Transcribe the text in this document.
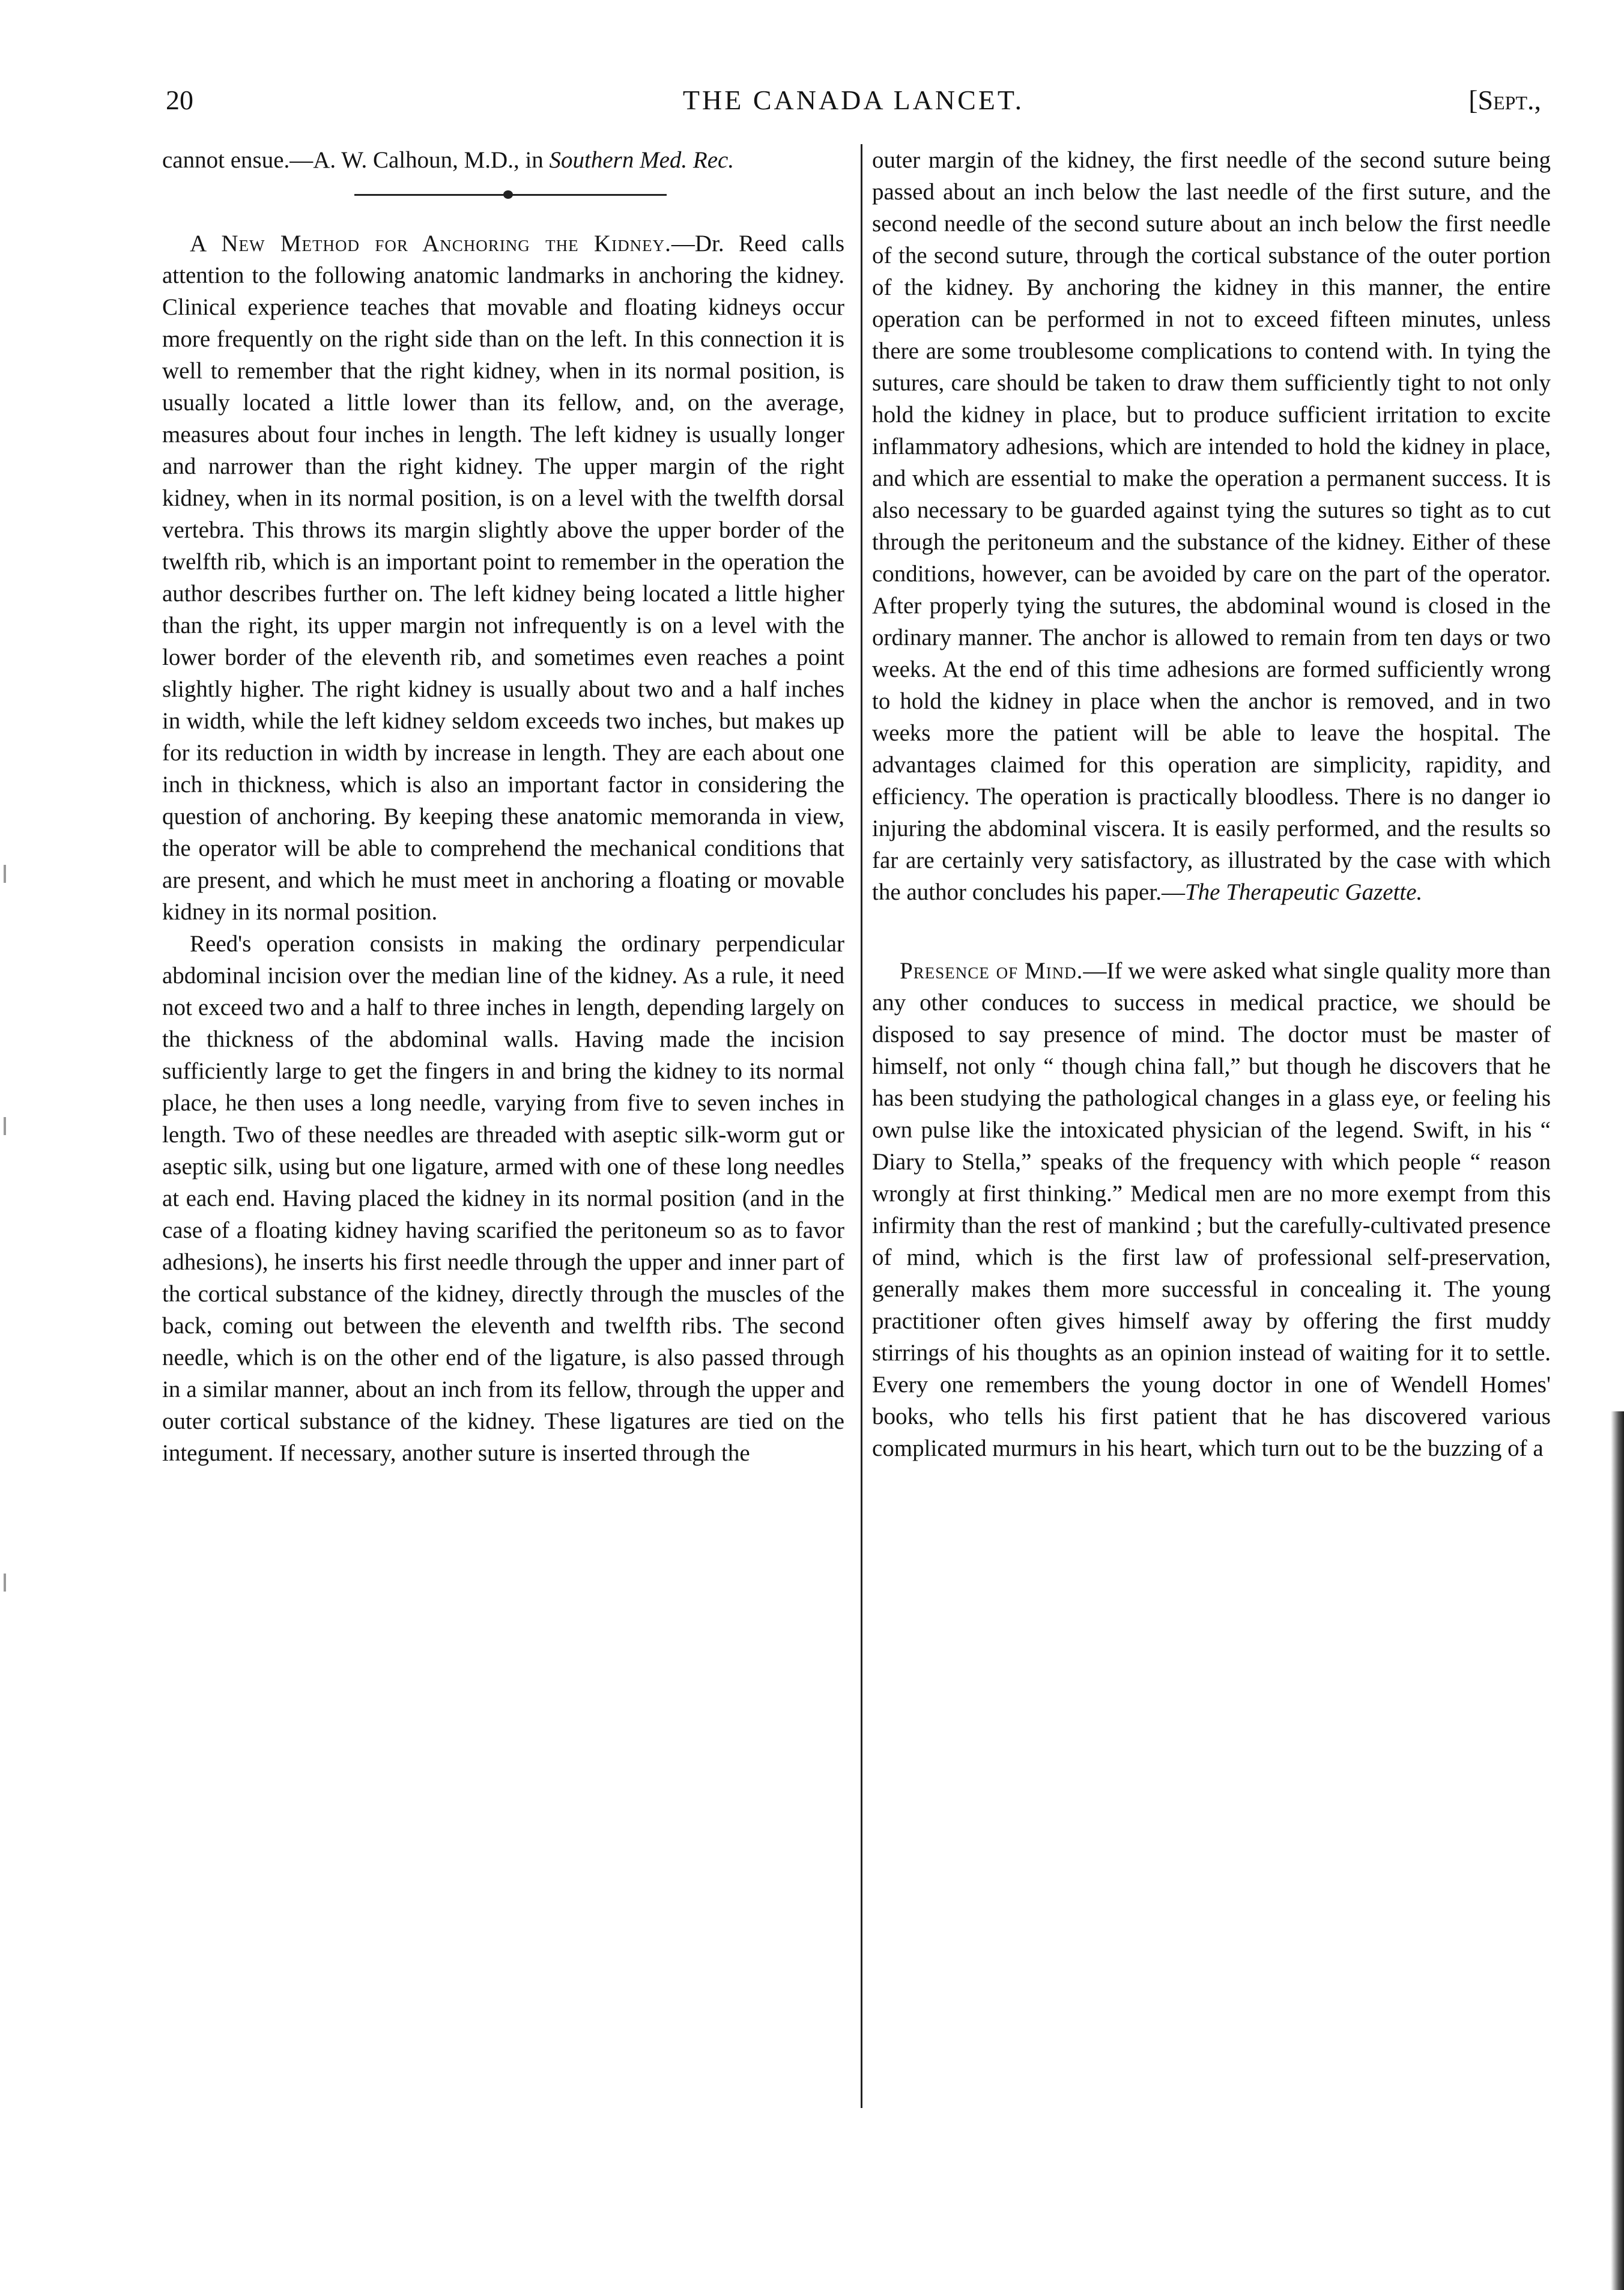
20	THE CANADA LANCET.	[Sept.,

cannot ensue.—A. W. Calhoun, M.D., in Southern Med. Rec.

A New Method for Anchoring the Kidney.—Dr. Reed calls attention to the following anatomic landmarks in anchoring the kidney. Clinical experience teaches that movable and floating kidneys occur more frequently on the right side than on the left. In this connection it is well to remember that the right kidney, when in its normal position, is usually located a little lower than its fellow, and, on the average, measures about four inches in length. The left kidney is usually longer and narrower than the right kidney. The upper margin of the right kidney, when in its normal position, is on a level with the twelfth dorsal vertebra. This throws its margin slightly above the upper border of the twelfth rib, which is an important point to remember in the operation the author describes further on. The left kidney being located a little higher than the right, its upper margin not infrequently is on a level with the lower border of the eleventh rib, and sometimes even reaches a point slightly higher. The right kidney is usually about two and a half inches in width, while the left kidney seldom exceeds two inches, but makes up for its reduction in width by increase in length. They are each about one inch in thickness, which is also an important factor in considering the question of anchoring. By keeping these anatomic memoranda in view, the operator will be able to comprehend the mechanical conditions that are present, and which he must meet in anchoring a floating or movable kidney in its normal position.

Reed's operation consists in making the ordinary perpendicular abdominal incision over the median line of the kidney. As a rule, it need not exceed two and a half to three inches in length, depending largely on the thickness of the abdominal walls. Having made the incision sufficiently large to get the fingers in and bring the kidney to its normal place, he then uses a long needle, varying from five to seven inches in length. Two of these needles are threaded with aseptic silk-worm gut or aseptic silk, using but one ligature, armed with one of these long needles at each end. Having placed the kidney in its normal position (and in the case of a floating kidney having scarified the peritoneum so as to favor adhesions), he inserts his first needle through the upper and inner part of the cortical substance of the kidney, directly through the muscles of the back, coming out between the eleventh and twelfth ribs. The second needle, which is on the other end of the ligature, is also passed through in a similar manner, about an inch from its fellow, through the upper and outer cortical substance of the kidney. These ligatures are tied on the integument. If necessary, another suture is inserted through the

outer margin of the kidney, the first needle of the second suture being passed about an inch below the last needle of the first suture, and the second needle of the second suture about an inch below the first needle of the second suture, through the cortical substance of the outer portion of the kidney. By anchoring the kidney in this manner, the entire operation can be performed in not to exceed fifteen minutes, unless there are some troublesome complications to contend with. In tying the sutures, care should be taken to draw them sufficiently tight to not only hold the kidney in place, but to produce sufficient irritation to excite inflammatory adhesions, which are intended to hold the kidney in place, and which are essential to make the operation a permanent success. It is also necessary to be guarded against tying the sutures so tight as to cut through the peritoneum and the substance of the kidney. Either of these conditions, however, can be avoided by care on the part of the operator. After properly tying the sutures, the abdominal wound is closed in the ordinary manner. The anchor is allowed to remain from ten days or two weeks. At the end of this time adhesions are formed sufficiently wrong to hold the kidney in place when the anchor is removed, and in two weeks more the patient will be able to leave the hospital. The advantages claimed for this operation are simplicity, rapidity, and efficiency. The operation is practically bloodless. There is no danger io injuring the abdominal viscera. It is easily performed, and the results so far are certainly very satisfactory, as illustrated by the case with which the author concludes his paper.—The Therapeutic Gazette.

Presence of Mind.—If we were asked what single quality more than any other conduces to success in medical practice, we should be disposed to say presence of mind. The doctor must be master of himself, not only “ though china fall,” but though he discovers that he has been studying the pathological changes in a glass eye, or feeling his own pulse like the intoxicated physician of the legend. Swift, in his “ Diary to Stella,” speaks of the frequency with which people “ reason wrongly at first thinking.” Medical men are no more exempt from this infirmity than the rest of mankind ; but the carefully-cultivated presence of mind, which is the first law of professional self-preservation, generally makes them more successful in concealing it. The young practitioner often gives himself away by offering the first muddy stirrings of his thoughts as an opinion instead of waiting for it to settle. Every one remembers the young doctor in one of Wendell Homes' books, who tells his first patient that he has discovered various complicated murmurs in his heart, which turn out to be the buzzing of a
